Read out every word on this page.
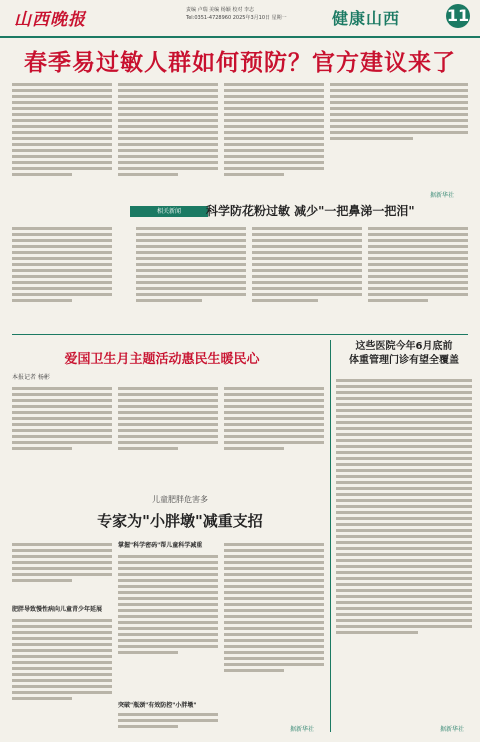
山西晚报	责编 卢瑞 美编 杨颖 校对 李志
Tel:0351-4728960 2025年3月10日 星期一	健康山西	11
春季易过敏人群如何预防？官方建议来了
据新华社
相关新闻	科学防花粉过敏 减少"一把鼻涕一把泪"
爱国卫生月主题活动惠民生暖民心
本报记者 杨彬
这些医院今年6月底前
体重管理门诊有望全覆盖
据新华社
儿童肥胖危害多
专家为"小胖墩"减重支招
肥胖导致慢性病向儿童青少年延展
掌握"科学密码"帮儿童科学减重
突破"瓶颈"有效防控"小胖墩"
据新华社
